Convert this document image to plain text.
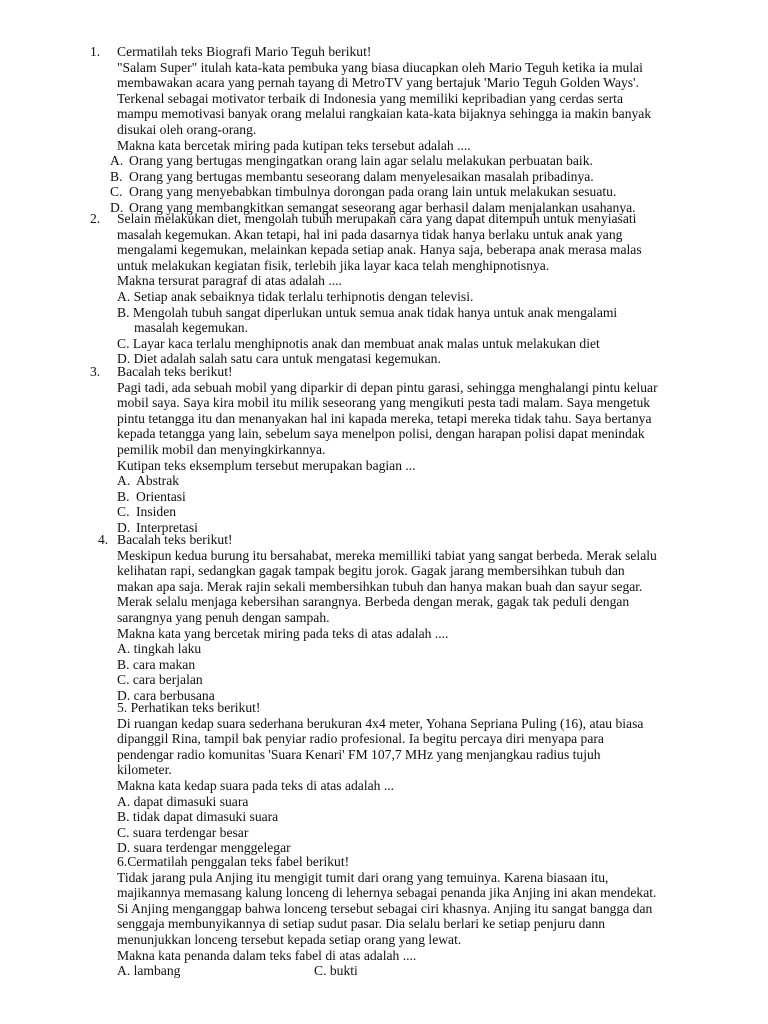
1. Cermatilah teks Biografi Mario Teguh berikut!
"Salam Super" itulah kata-kata pembuka yang biasa diucapkan oleh Mario Teguh ketika ia mulai
membawakan acara yang pernah tayang di MetroTV yang bertajuk 'Mario Teguh Golden Ways'.
Terkenal sebagai motivator terbaik di Indonesia yang memiliki kepribadian yang cerdas serta
mampu memotivasi banyak orang melalui rangkaian kata-kata bijaknya sehingga ia makin banyak
disukai oleh orang-orang.
Makna kata bercetak miring pada kutipan teks tersebut adalah ....
A. Orang yang bertugas mengingatkan orang lain agar selalu melakukan perbuatan baik.
B. Orang yang bertugas membantu seseorang dalam menyelesaikan masalah pribadinya.
C. Orang yang menyebabkan timbulnya dorongan pada orang lain untuk melakukan sesuatu.
D. Orang yang membangkitkan semangat seseorang agar berhasil dalam menjalankan usahanya.
2. Selain melakukan diet, mengolah tubuh merupakan cara yang dapat ditempuh untuk menyiasati
masalah kegemukan. Akan tetapi, hal ini pada dasarnya tidak hanya berlaku untuk anak yang
mengalami kegemukan, melainkan kepada setiap anak. Hanya saja, beberapa anak merasa malas
untuk melakukan kegiatan fisik, terlebih jika layar kaca telah menghipnotisnya.
Makna tersurat paragraf di atas adalah ....
A. Setiap anak sebaiknya tidak terlalu terhipnotis dengan televisi.
B. Mengolah tubuh sangat diperlukan untuk semua anak tidak hanya untuk anak mengalami
masalah kegemukan.
C. Layar kaca terlalu menghipnotis anak dan membuat anak malas untuk melakukan diet
D. Diet adalah salah satu cara untuk mengatasi kegemukan.
3. Bacalah teks berikut!
Pagi tadi, ada sebuah mobil yang diparkir di depan pintu garasi, sehingga menghalangi pintu keluar
mobil saya. Saya kira mobil itu milik seseorang yang mengikuti pesta tadi malam. Saya mengetuk
pintu tetangga itu dan menanyakan hal ini kapada mereka, tetapi mereka tidak tahu. Saya bertanya
kepada tetangga yang lain, sebelum saya menelpon polisi, dengan harapan polisi dapat menindak
pemilik mobil dan menyingkirkannya.
Kutipan teks eksemplum tersebut merupakan bagian ...
A. Abstrak
B. Orientasi
C. Insiden
D. Interpretasi
4. Bacalah teks berikut!
Meskipun kedua burung itu bersahabat, mereka memilliki tabiat yang sangat berbeda. Merak selalu
kelihatan rapi, sedangkan gagak tampak begitu jorok. Gagak jarang membersihkan tubuh dan
makan apa saja. Merak rajin sekali membersihkan tubuh dan hanya makan buah dan sayur segar.
Merak selalu menjaga kebersihan sarangnya. Berbeda dengan merak, gagak tak peduli dengan
sarangnya yang penuh dengan sampah.
Makna kata yang bercetak miring pada teks di atas adalah ....
A. tingkah laku
B. cara makan
C. cara berjalan
D. cara berbusana
5. Perhatikan teks berikut!
Di ruangan kedap suara sederhana berukuran 4x4 meter, Yohana Sepriana Puling (16), atau biasa
dipanggil Rina, tampil bak penyiar radio profesional. Ia begitu percaya diri menyapa para
pendengar radio komunitas 'Suara Kenari' FM 107,7 MHz yang menjangkau radius tujuh
kilometer.
Makna kata kedap suara pada teks di atas adalah ...
A. dapat dimasuki suara
B. tidak dapat dimasuki suara
C. suara terdengar besar
D. suara terdengar menggelegar
6.Cermatilah penggalan teks fabel berikut!
Tidak jarang pula Anjing itu mengigit tumit dari orang yang temuinya. Karena biasaan itu,
majikannya memasang kalung lonceng di lehernya sebagai penanda jika Anjing ini akan mendekat.
Si Anjing menganggap bahwa lonceng tersebut sebagai ciri khasnya. Anjing itu sangat bangga dan
senggaja membunyikannya di setiap sudut pasar. Dia selalu berlari ke setiap penjuru dann
menunjukkan lonceng tersebut kepada setiap orang yang lewat.
Makna kata penanda dalam teks fabel di atas adalah ....
A. lambang	C. bukti
